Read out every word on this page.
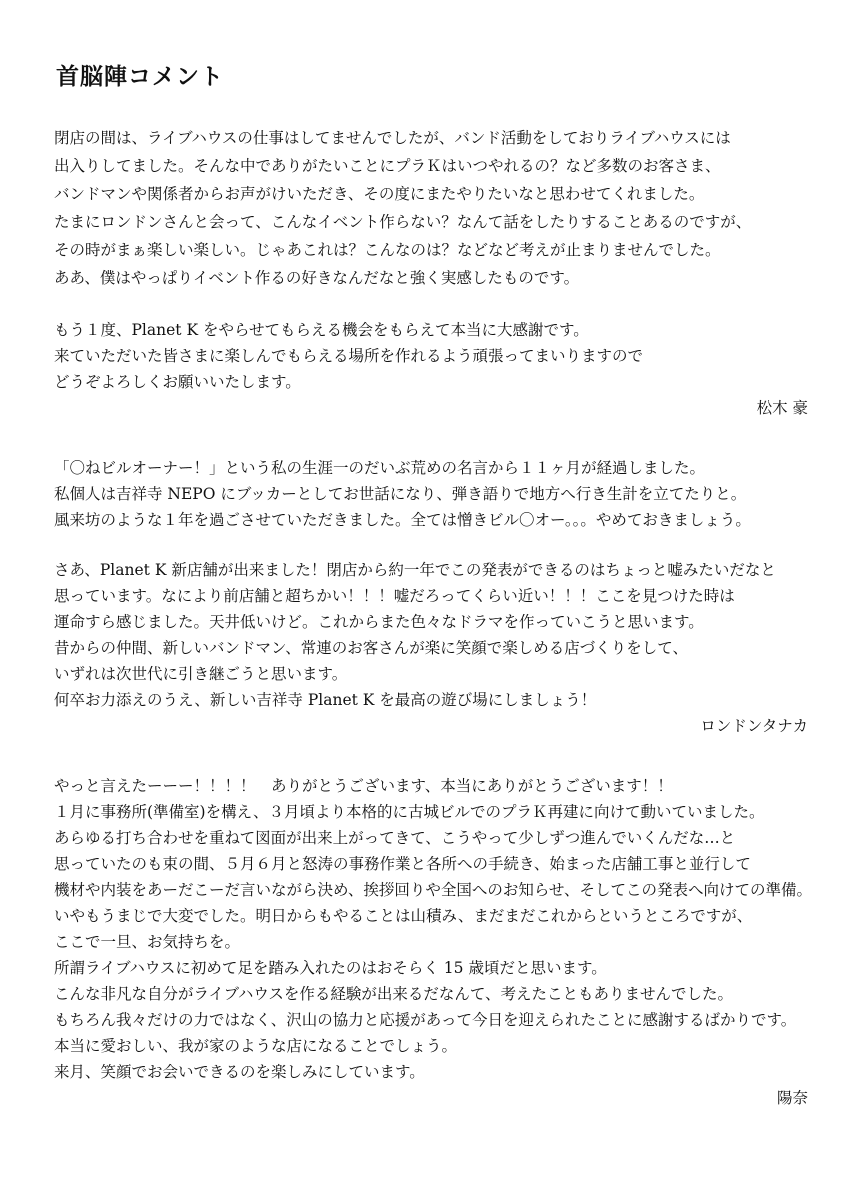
首脳陣コメント
閉店の間は、ライブハウスの仕事はしてませんでしたが、バンド活動をしておりライブハウスには
出入りしてました。そんな中でありがたいことにプラＫはいつやれるの？など多数のお客さま、
バンドマンや関係者からお声がけいただき、その度にまたやりたいなと思わせてくれました。
たまにロンドンさんと会って、こんなイベント作らない？なんて話をしたりすることあるのですが、
その時がまぁ楽しい楽しい。じゃあこれは？こんなのは？などなど考えが止まりませんでした。
ああ、僕はやっぱりイベント作るの好きなんだなと強く実感したものです。
もう１度、Planet K をやらせてもらえる機会をもらえて本当に大感謝です。
来ていただいた皆さまに楽しんでもらえる場所を作れるよう頑張ってまいりますので
どうぞよろしくお願いいたします。
松木 豪
「〇ねビルオーナー！」という私の生涯一のだいぶ荒めの名言から１１ヶ月が経過しました。
私個人は吉祥寺 NEPO にブッカーとしてお世話になり、弾き語りで地方へ行き生計を立てたりと。
風来坊のような１年を過ごさせていただきました。全ては憎きビル〇オー。。。やめておきましょう。
さあ、Planet K 新店舗が出来ました！閉店から約一年でこの発表ができるのはちょっと嘘みたいだなと
思っています。なにより前店舗と超ちかい！！！嘘だろってくらい近い！！！ここを見つけた時は
運命すら感じました。天井低いけど。これからまた色々なドラマを作っていこうと思います。
昔からの仲間、新しいバンドマン、常連のお客さんが楽に笑顔で楽しめる店づくりをして、
いずれは次世代に引き継ごうと思います。
何卒お力添えのうえ、新しい吉祥寺 Planet K を最高の遊び場にしましょう！
ロンドンタナカ
やっと言えたーーー！！！！　ありがとうございます、本当にありがとうございます！！
１月に事務所(準備室)を構え、３月頃より本格的に古城ビルでのプラＫ再建に向けて動いていました。
あらゆる打ち合わせを重ねて図面が出来上がってきて、こうやって少しずつ進んでいくんだな…と
思っていたのも束の間、５月６月と怒涛の事務作業と各所への手続き、始まった店舗工事と並行して
機材や内装をあーだこーだ言いながら決め、挨拶回りや全国へのお知らせ、そしてこの発表へ向けての準備。
いやもうまじで大変でした。明日からもやることは山積み、まだまだこれからというところですが、
ここで一旦、お気持ちを。
所謂ライブハウスに初めて足を踏み入れたのはおそらく 15 歳頃だと思います。
こんな非凡な自分がライブハウスを作る経験が出来るだなんて、考えたこともありませんでした。
もちろん我々だけの力ではなく、沢山の協力と応援があって今日を迎えられたことに感謝するばかりです。
本当に愛おしい、我が家のような店になることでしょう。
来月、笑顔でお会いできるのを楽しみにしています。
陽奈
